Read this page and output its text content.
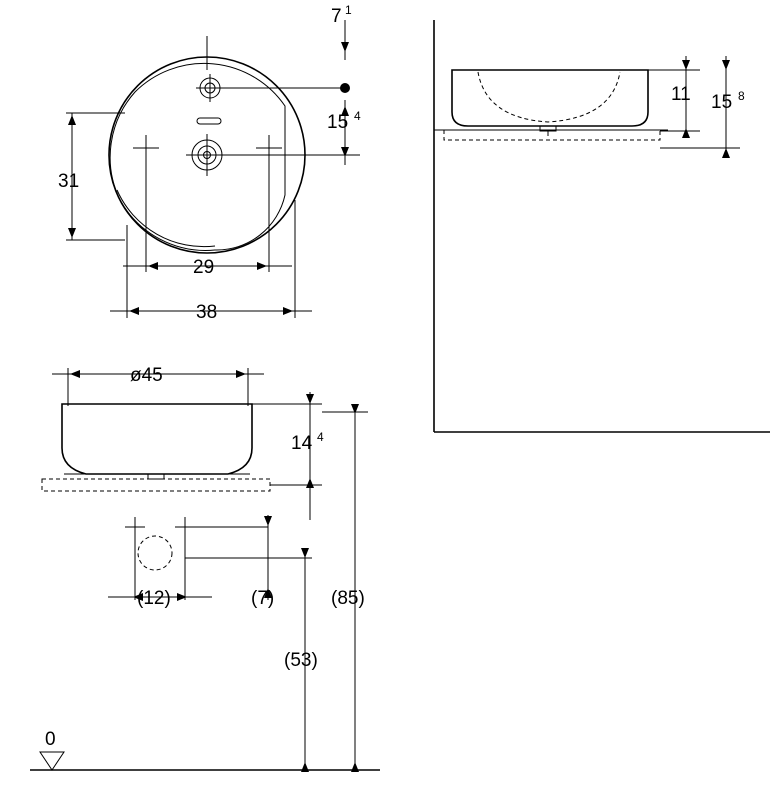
7 1
15 4
31
29
38
11 15 8
ø45
14 4
(12)	(7)
(53)
(85)
0
